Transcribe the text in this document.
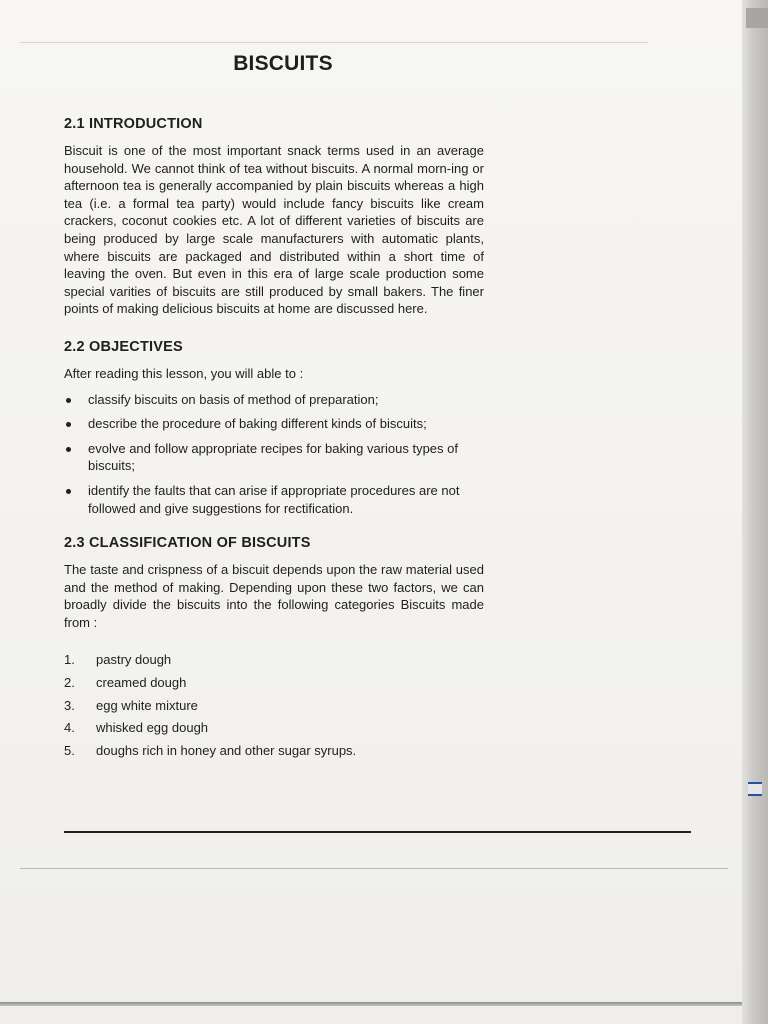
BISCUITS
2.1 INTRODUCTION

Biscuit is one of the most important snack terms used in an average household. We cannot think of tea without biscuits. A normal morn-ing or afternoon tea is generally accompanied by plain biscuits whereas a high tea (i.e. a formal tea party) would include fancy biscuits like cream crackers, coconut cookies etc. A lot of different varieties of biscuits are being produced by large scale manufacturers with automatic plants, where biscuits are packaged and distributed within a short time of leaving the oven. But even in this era of large scale production some special varities of biscuits are still produced by small bakers. The finer points of making delicious biscuits at home are discussed here.

2.2 OBJECTIVES

After reading this lesson, you will able to :

classify biscuits on basis of method of preparation;
describe the procedure of baking different kinds of biscuits;
evolve and follow appropriate recipes for baking various types of biscuits;
identify the faults that can arise if appropriate procedures are not followed and give suggestions for rectification.
2.3 CLASSIFICATION OF BISCUITS

The taste and crispness of a biscuit depends upon the raw material used and the method of making. Depending upon these two factors, we can broadly divide the biscuits into the following categories Biscuits made from :

1.	pastry dough
2.	creamed dough
3.	egg white mixture
4.	whisked egg dough
5.	doughs rich in honey and other sugar syrups.
